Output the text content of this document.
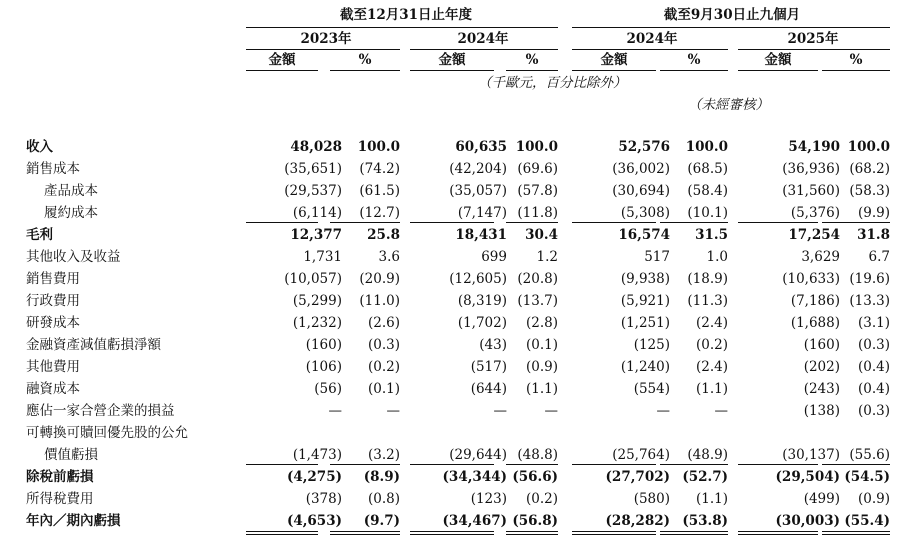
截至12月31日止年度	截至9月30日止九個月
2023年	2024年	2024年	2025年
金額	%	金額	%	金額	%	金額	%
（千歐元，百分比除外）
（未經審核）
收入	48,028	100.0	60,635 100.0	52,576	100.0	54,190 100.0
銷售成本	(35,651)	(74.2)	(42,204) (69.6)	(36,002)	(68.5)	(36,936) (68.2)
產品成本	(29,537)	(61.5)	(35,057) (57.8)	(30,694)	(58.4)	(31,560) (58.3)
履約成本	(6,114)	(12.7)	(7,147) (11.8)	(5,308)	(10.1)	(5,376)	(9.9)
毛利	12,377	25.8	18,431	30.4	16,574	31.5	17,254	31.8
其他收入及收益	1,731	3.6	699	1.2	517	1.0	3,629	6.7
銷售費用	(10,057)	(20.9)	(12,605) (20.8)	(9,938)	(18.9)	(10,633) (19.6)
行政費用	(5,299)	(11.0)	(8,319) (13.7)	(5,921)	(11.3)	(7,186) (13.3)
研發成本	(1,232)	(2.6)	(1,702)	(2.8)	(1,251)	(2.4)	(1,688)	(3.1)
金融資產減值虧損淨額	(160)	(0.3)	(43)	(0.1)	(125)	(0.2)	(160)	(0.3)
其他費用	(106)	(0.2)	(517)	(0.9)	(1,240)	(2.4)	(202)	(0.4)
融資成本	(56)	(0.1)	(644)	(1.1)	(554)	(1.1)	(243)	(0.4)
應佔一家合營企業的損益	—	—	—	—	—	—	(138)	(0.3)
可轉換可贖回優先股的公允
價值虧損	(1,473)	(3.2)	(29,644) (48.8)	(25,764)	(48.9)	(30,137) (55.6)
除稅前虧損	(4,275)	(8.9)	(34,344) (56.6)	(27,702) (52.7)	(29,504) (54.5)
所得稅費用	(378)	(0.8)	(123)	(0.2)	(580)	(1.1)	(499)	(0.9)
年內／期內虧損	(4,653)	(9.7)	(34,467) (56.8)	(28,282) (53.8)	(30,003) (55.4)
